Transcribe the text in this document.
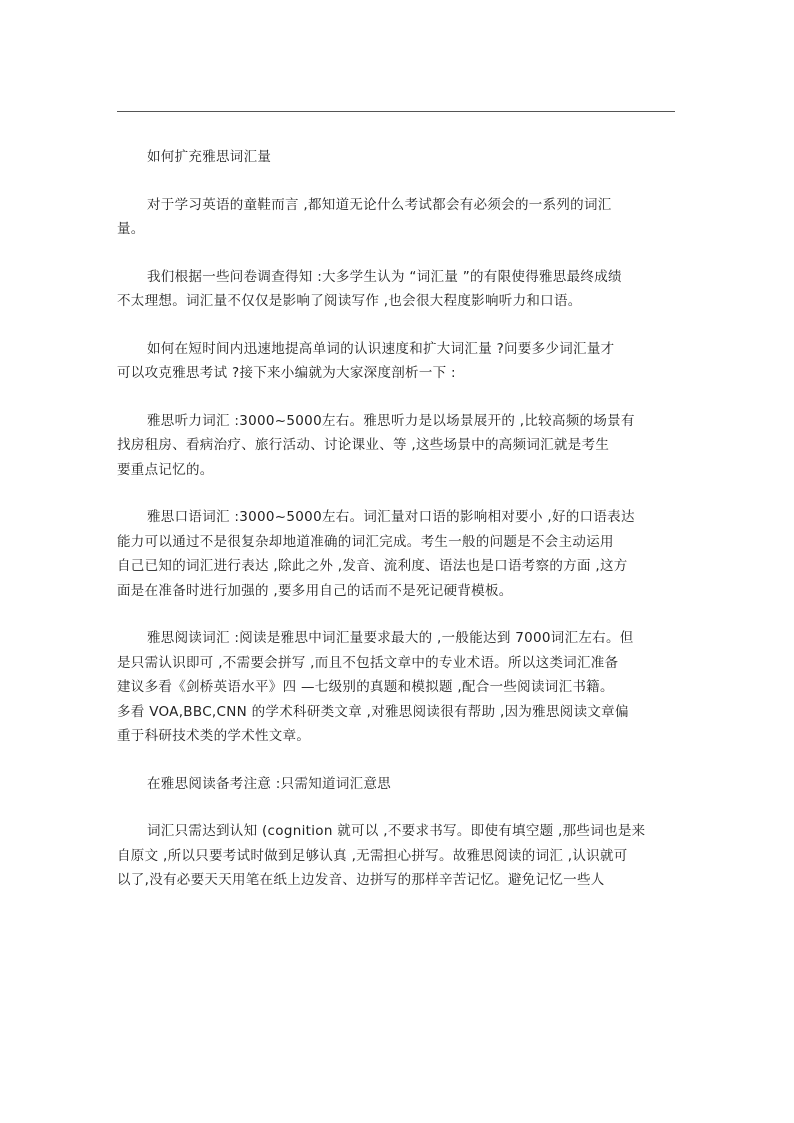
如何扩充雅思词汇量
对于学习英语的童鞋而言 ,都知道无论什么考试都会有必须会的一系列的词汇
量。
我们根据一些问卷调查得知 :大多学生认为 “词汇量 ”的有限使得雅思最终成绩
不太理想。词汇量不仅仅是影响了阅读写作 ,也会很大程度影响听力和口语。
如何在短时间内迅速地提高单词的认识速度和扩大词汇量 ?问要多少词汇量才
可以攻克雅思考试 ?接下来小编就为大家深度剖析一下 :
雅思听力词汇 :3000~5000左右。雅思听力是以场景展开的 ,比较高频的场景有
找房租房、看病治疗、旅行活动、讨论课业、等 ,这些场景中的高频词汇就是考生
要重点记忆的。
雅思口语词汇 :3000~5000左右。词汇量对口语的影响相对要小 ,好的口语表达
能力可以通过不是很复杂却地道准确的词汇完成。考生一般的问题是不会主动运用
自己已知的词汇进行表达 ,除此之外 ,发音、流利度、语法也是口语考察的方面 ,这方
面是在准备时进行加强的 ,要多用自己的话而不是死记硬背模板。
雅思阅读词汇 :阅读是雅思中词汇量要求最大的 ,一般能达到 7000词汇左右。但
是只需认识即可 ,不需要会拼写 ,而且不包括文章中的专业术语。所以这类词汇准备
建议多看《剑桥英语水平》四 —七级别的真题和模拟题 ,配合一些阅读词汇书籍。
多看 VOA,BBC,CNN 的学术科研类文章 ,对雅思阅读很有帮助 ,因为雅思阅读文章偏
重于科研技术类的学术性文章。
在雅思阅读备考注意 :只需知道词汇意思
词汇只需达到认知 (cognition 就可以 ,不要求书写。即使有填空题 ,那些词也是来
自原文 ,所以只要考试时做到足够认真 ,无需担心拼写。故雅思阅读的词汇 ,认识就可
以了,没有必要天天用笔在纸上边发音、边拼写的那样辛苦记忆。避免记忆一些人
